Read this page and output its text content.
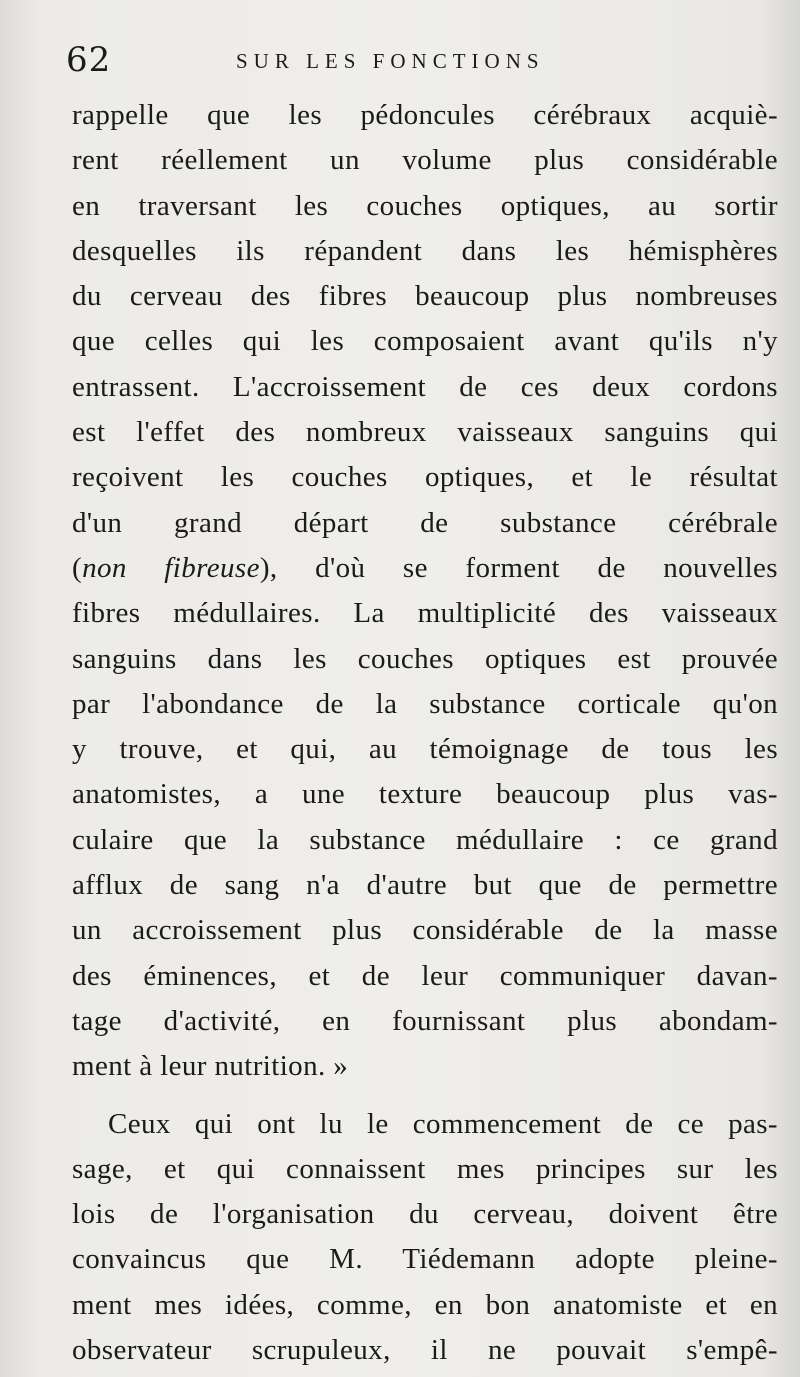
62	SUR LES FONCTIONS
rappelle que les pédoncules cérébraux acquiè-
rent réellement un volume plus considérable
en traversant les couches optiques, au sortir
desquelles ils répandent dans les hémisphères
du cerveau des fibres beaucoup plus nombreuses
que celles qui les composaient avant qu'ils n'y
entrassent. L'accroissement de ces deux cordons
est l'effet des nombreux vaisseaux sanguins qui
reçoivent les couches optiques, et le résultat
d'un grand départ de substance cérébrale
(non fibreuse), d'où se forment de nouvelles
fibres médullaires. La multiplicité des vaisseaux
sanguins dans les couches optiques est prouvée
par l'abondance de la substance corticale qu'on
y trouve, et qui, au témoignage de tous les
anatomistes, a une texture beaucoup plus vas-
culaire que la substance médullaire : ce grand
afflux de sang n'a d'autre but que de permettre
un accroissement plus considérable de la masse
des éminences, et de leur communiquer davan-
tage d'activité, en fournissant plus abondam-
ment à leur nutrition. »
Ceux qui ont lu le commencement de ce pas-
sage, et qui connaissent mes principes sur les
lois de l'organisation du cerveau, doivent être
convaincus que M. Tiédemann adopte pleine-
ment mes idées, comme, en bon anatomiste et en
observateur scrupuleux, il ne pouvait s'empê-
